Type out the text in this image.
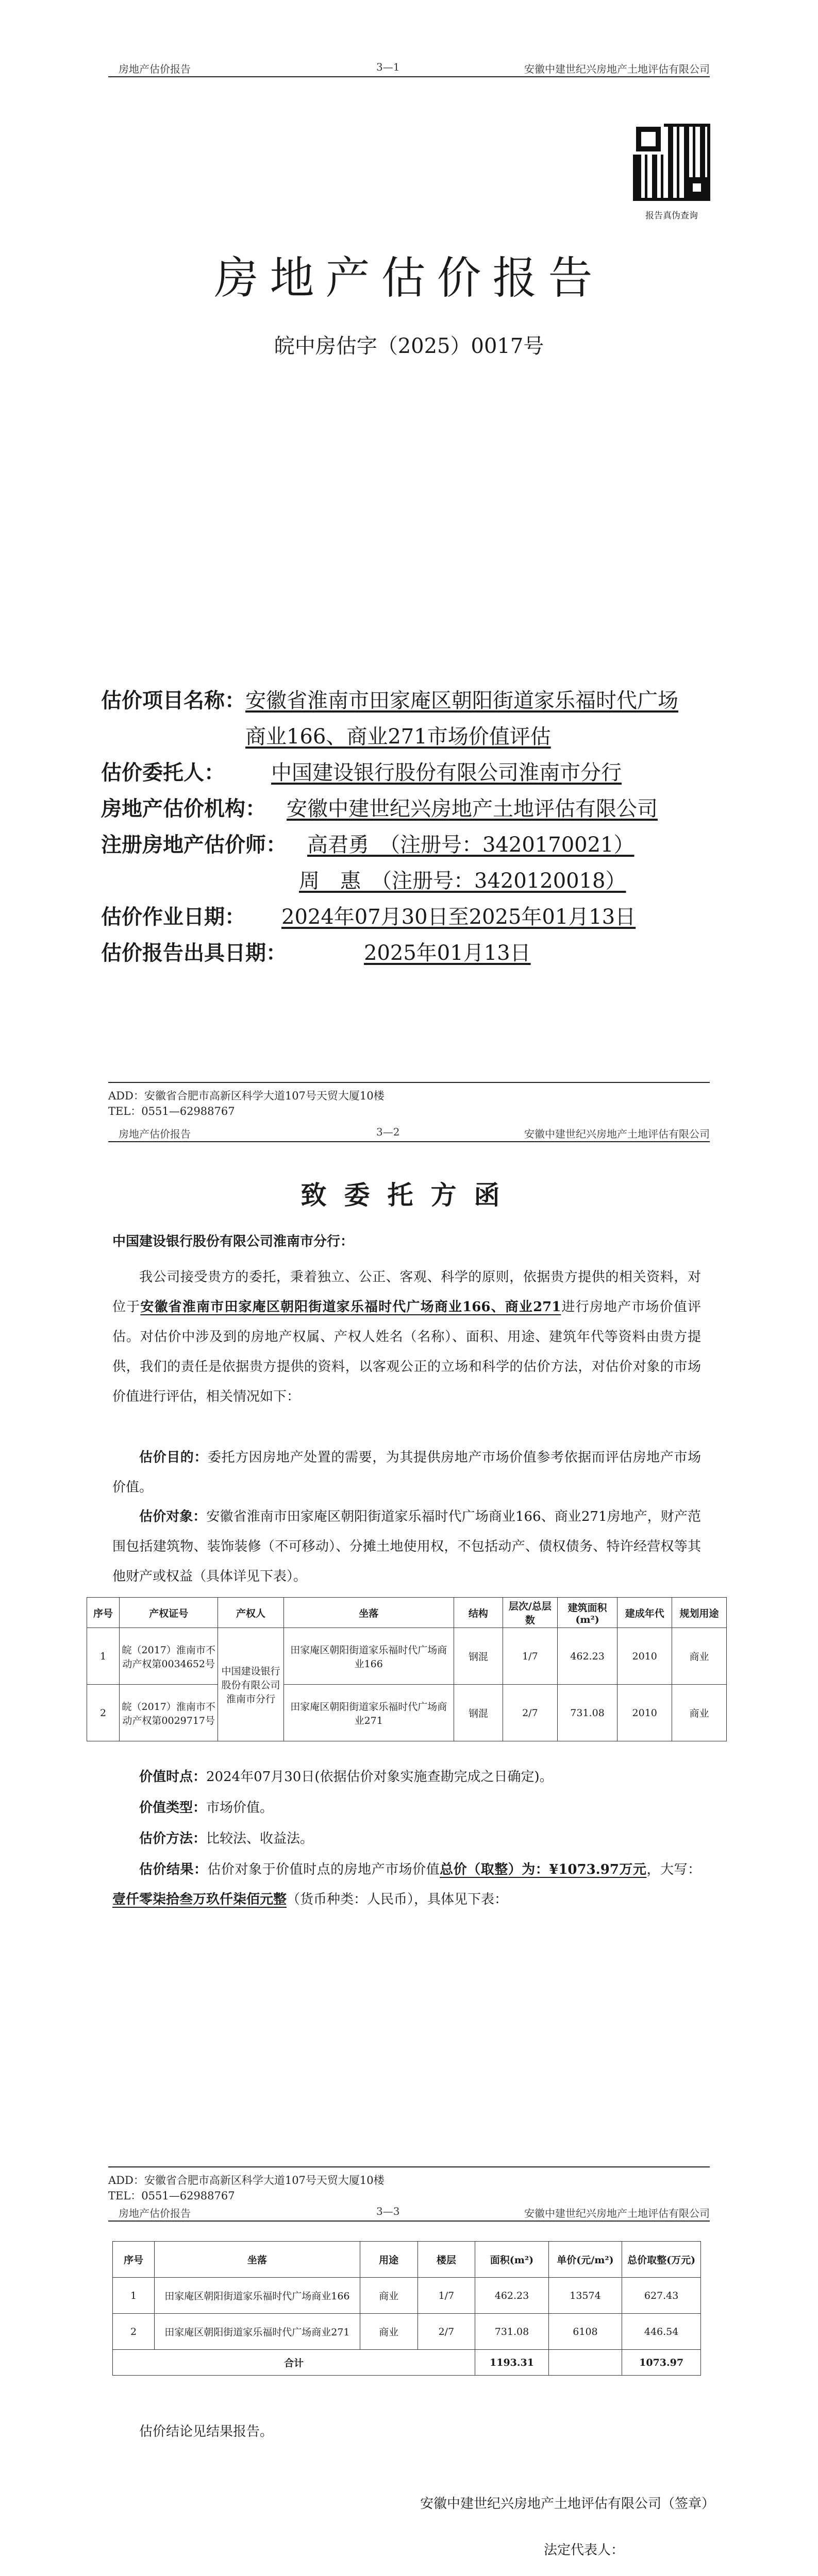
房地产估价报告	3—1	安徽中建世纪兴房地产土地评估有限公司
报告真伪查询
房地产估价报告
皖中房估字（2025）0017号
估价项目名称：安徽省淮南市田家庵区朝阳街道家乐福时代广场
商业166、商业271市场价值评估
估价委托人： 中国建设银行股份有限公司淮南市分行
房地产估价机构： 安徽中建世纪兴房地产土地评估有限公司
注册房地产估价师： 高君勇　（注册号：3420170021）
周　惠　（注册号：3420120018）
估价作业日期： 2024年07月30日至2025年01月13日
估价报告出具日期：	2025年01月13日
ADD：安徽省合肥市高新区科学大道107号天贸大厦10楼
TEL：0551—62988767
房地产估价报告	3—2	安徽中建世纪兴房地产土地评估有限公司
致委托方函
中国建设银行股份有限公司淮南市分行：
我公司接受贵方的委托，秉着独立、公正、客观、科学的原则，依据贵方提供的相关资料，对位于安徽省淮南市田家庵区朝阳街道家乐福时代广场商业166、商业271进行房地产市场价值评估。对估价中涉及到的房地产权属、产权人姓名（名称）、面积、用途、建筑年代等资料由贵方提供，我们的责任是依据贵方提供的资料，以客观公正的立场和科学的估价方法，对估价对象的市场价值进行评估，相关情况如下：
估价目的：委托方因房地产处置的需要，为其提供房地产市场价值参考依据而评估房地产市场价值。
估价对象：安徽省淮南市田家庵区朝阳街道家乐福时代广场商业166、商业271房地产，财产范围包括建筑物、装饰装修（不可移动）、分摊土地使用权，不包括动产、债权债务、特许经营权等其他财产或权益（具体详见下表）。
序号	产权证号	产权人	坐落	结构	层次/总层数	建筑面积(m²)	建成年代	规划用途
1	皖（2017）淮南市不动产权第0034652号	中国建设银行股份有限公司淮南市分行	田家庵区朝阳街道家乐福时代广场商业166	钢混	1/7	462.23	2010	商业
2	皖（2017）淮南市不动产权第0029717号		田家庵区朝阳街道家乐福时代广场商业271	钢混	2/7	731.08	2010	商业
价值时点：2024年07月30日(依据估价对象实施查勘完成之日确定)。
价值类型：市场价值。
估价方法：比较法、收益法。
估价结果：估价对象于价值时点的房地产市场价值总价（取整）为：¥1073.97万元，大写：壹仟零柒拾叁万玖仟柒佰元整（货币种类：人民币），具体见下表：
ADD：安徽省合肥市高新区科学大道107号天贸大厦10楼
TEL：0551—62988767
房地产估价报告	3—3	安徽中建世纪兴房地产土地评估有限公司
序号	坐落	用途	楼层	面积(m²)	单价(元/m²)	总价取整(万元)
1	田家庵区朝阳街道家乐福时代广场商业166	商业	1/7	462.23	13574	627.43
2	田家庵区朝阳街道家乐福时代广场商业271	商业	2/7	731.08	6108	446.54
合计				1193.31		1073.97
估价结论见结果报告。
安徽中建世纪兴房地产土地评估有限公司（签章）
法定代表人：
